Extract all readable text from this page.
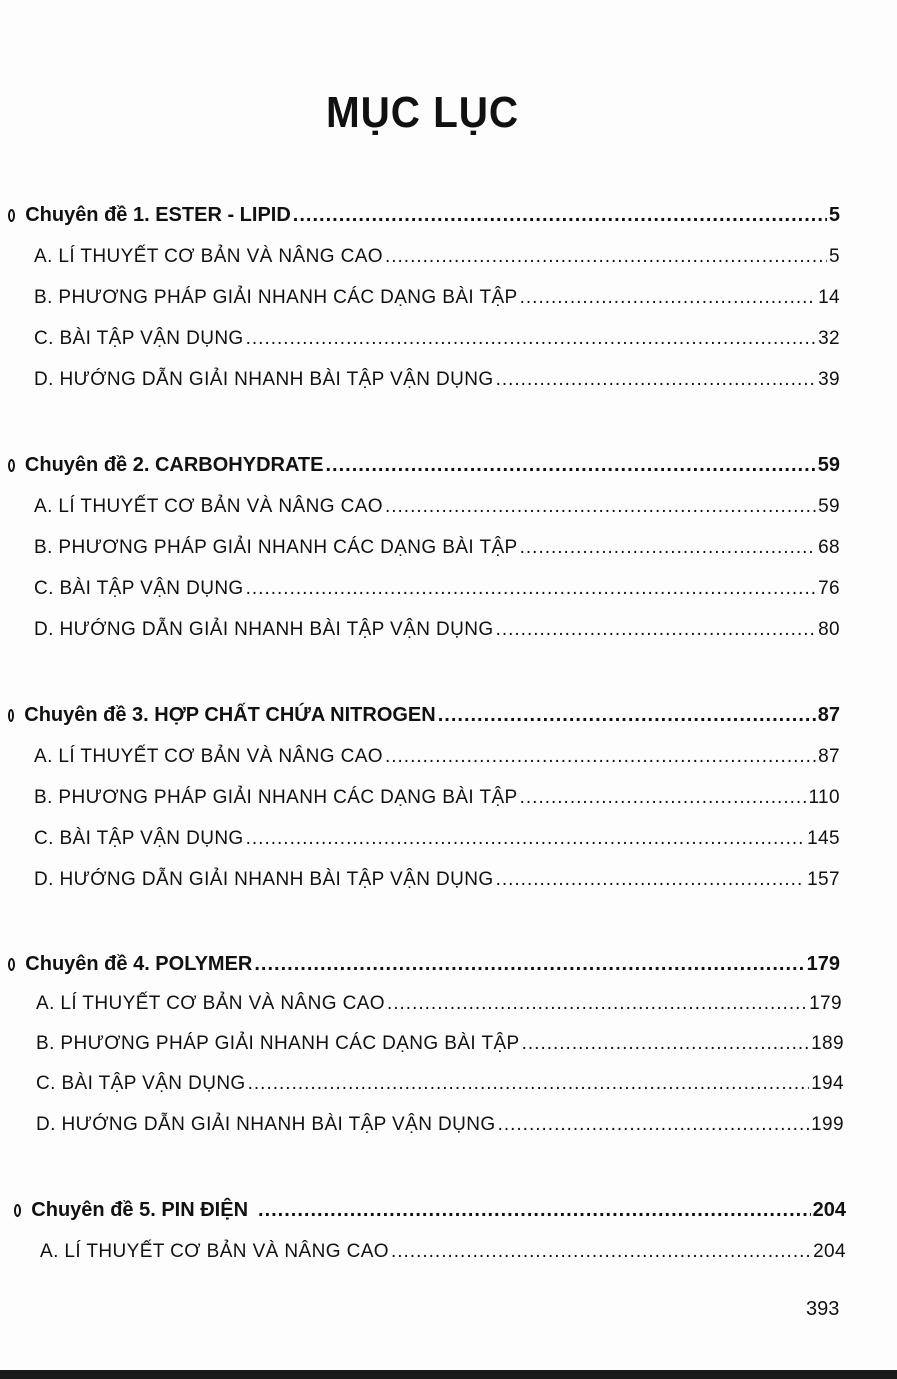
MỤC LỤC
Chuyên đề 1. ESTER - LIPID .....	5
A. LÍ THUYẾT CƠ BẢN VÀ NÂNG CAO .....	5
B. PHƯƠNG PHÁP GIẢI NHANH CÁC DẠNG BÀI TẬP .....	14
C. BÀI TẬP VẬN DỤNG .....	32
D. HƯỚNG DẪN GIẢI NHANH BÀI TẬP VẬN DỤNG .....	39
Chuyên đề 2. CARBOHYDRATE .....	59
A. LÍ THUYẾT CƠ BẢN VÀ NÂNG CAO .....	59
B. PHƯƠNG PHÁP GIẢI NHANH CÁC DẠNG BÀI TẬP .....	68
C. BÀI TẬP VẬN DỤNG .....	76
D. HƯỚNG DẪN GIẢI NHANH BÀI TẬP VẬN DỤNG .....	80
Chuyên đề 3. HỢP CHẤT CHỨA NITROGEN .....	87
A. LÍ THUYẾT CƠ BẢN VÀ NÂNG CAO .....	87
B. PHƯƠNG PHÁP GIẢI NHANH CÁC DẠNG BÀI TẬP .....	110
C. BÀI TẬP VẬN DỤNG .....	145
D. HƯỚNG DẪN GIẢI NHANH BÀI TẬP VẬN DỤNG .....	157
Chuyên đề 4. POLYMER .....	179
A. LÍ THUYẾT CƠ BẢN VÀ NÂNG CAO .....	179
B. PHƯƠNG PHÁP GIẢI NHANH CÁC DẠNG BÀI TẬP .....	189
C. BÀI TẬP VẬN DỤNG .....	194
D. HƯỚNG DẪN GIẢI NHANH BÀI TẬP VẬN DỤNG .....	199
Chuyên đề 5. PIN ĐIỆN .....	204
A. LÍ THUYẾT CƠ BẢN VÀ NÂNG CAO .....	204
393
